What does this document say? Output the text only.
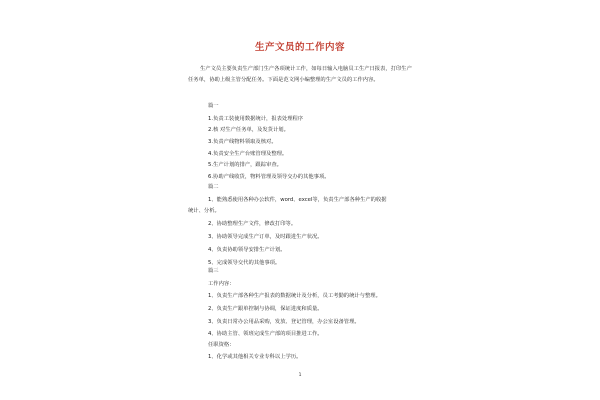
生产文员的工作内容
生产文员主要负责生产部门生产各项统计工作，如每日输入电脑员工生产日报表，打印生产任务单，协助上级主管分配任务。下面是范文网小编整理的生产文员的工作内容。
篇一
1.负责工装使用数据统计，报表处理程序
2.核 对生产任务单，及发货计划。
3.负责产线物料领取及核对。
4.负责安全生产台账管理及整理。
5.生产计划的排产，跟踪审查。
6.协助产线收货，物料管理及领导交办的其他事项。
篇二
1、能熟悉使用各种办公软件，word、excel等，负责生产部各种生产的收据
统计、分析。
2、协助整理生产文件，修改打印等。
3、协助领导完成生产订单，及时跟进生产状况。
4、负责协助领导安排生产计划。
5、完成领导交代的其他事项。
篇三
工作内容：
1、负责生产部各种生产报表的数据统计及分析，员工考勤的统计与整理。
2、负责生产跟单控制与协调，保证进度和质量。
3、负责日常办公用品采购，发放、登记管理，办公室设备管理。
4、协助主管、领班完成生产部的项目推进工作。
任职资格：
1、化学或其他相关专业专科以上学历。
1
